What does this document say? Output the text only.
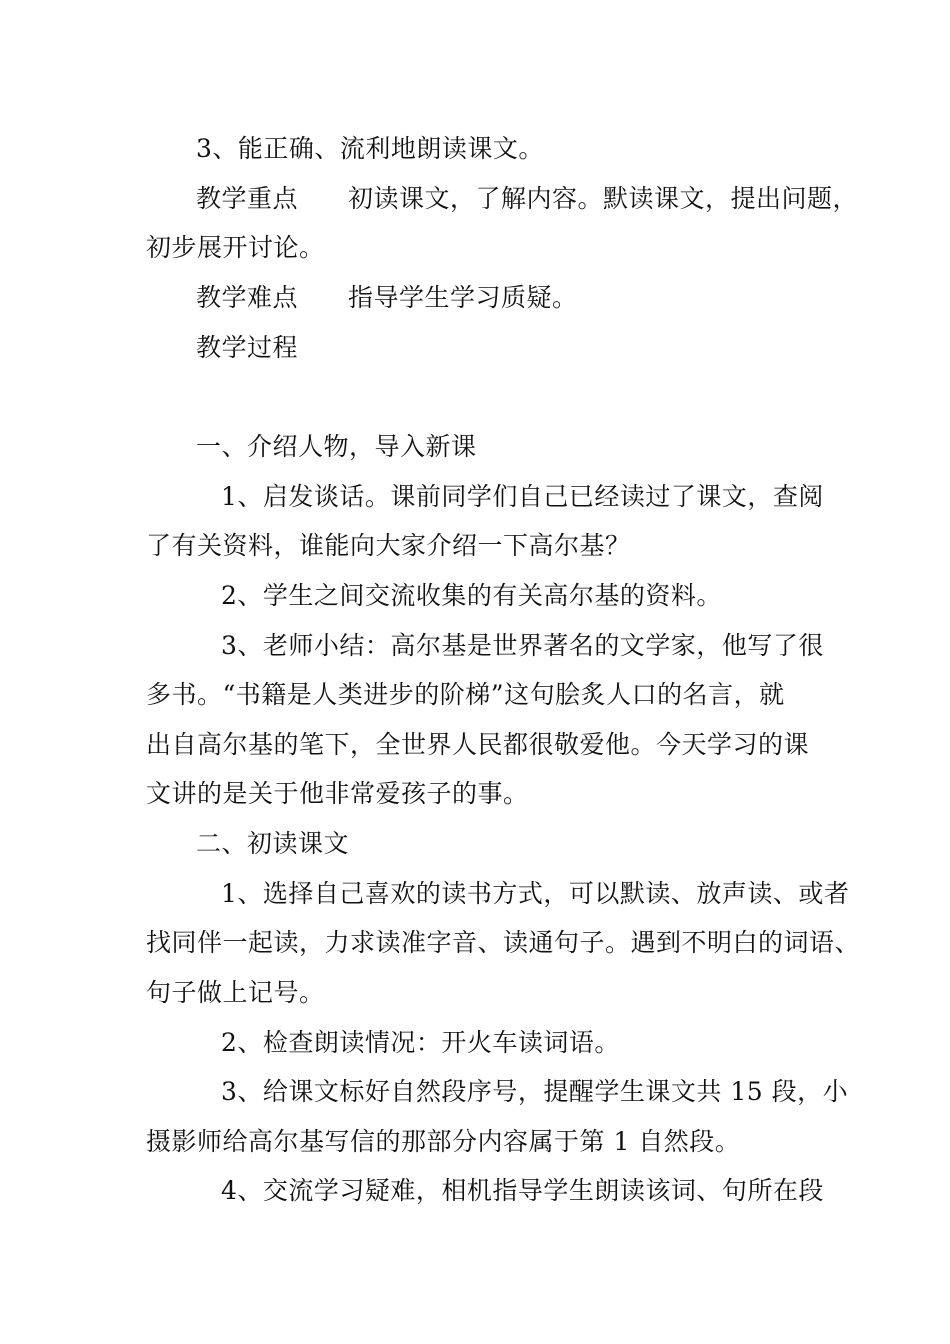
3、能正确、流利地朗读课文。
教学重点 初读课文，了解内容。默读课文，提出问题，
初步展开讨论。
教学难点 指导学生学习质疑。
教学过程
一、介绍人物，导入新课
1、启发谈话。课前同学们自己已经读过了课文，查阅
了有关资料，谁能向大家介绍一下高尔基？
2、学生之间交流收集的有关高尔基的资料。
3、老师小结：高尔基是世界著名的文学家，他写了很
多书。“书籍是人类进步的阶梯”这句脍炙人口的名言，就
出自高尔基的笔下，全世界人民都很敬爱他。今天学习的课
文讲的是关于他非常爱孩子的事。
二、初读课文
1、选择自己喜欢的读书方式，可以默读、放声读、或者
找同伴一起读，力求读准字音、读通句子。遇到不明白的词语、
句子做上记号。
2、检查朗读情况：开火车读词语。
3、给课文标好自然段序号，提醒学生课文共 15 段，小
摄影师给高尔基写信的那部分内容属于第 1 自然段。
4、交流学习疑难，相机指导学生朗读该词、句所在段
